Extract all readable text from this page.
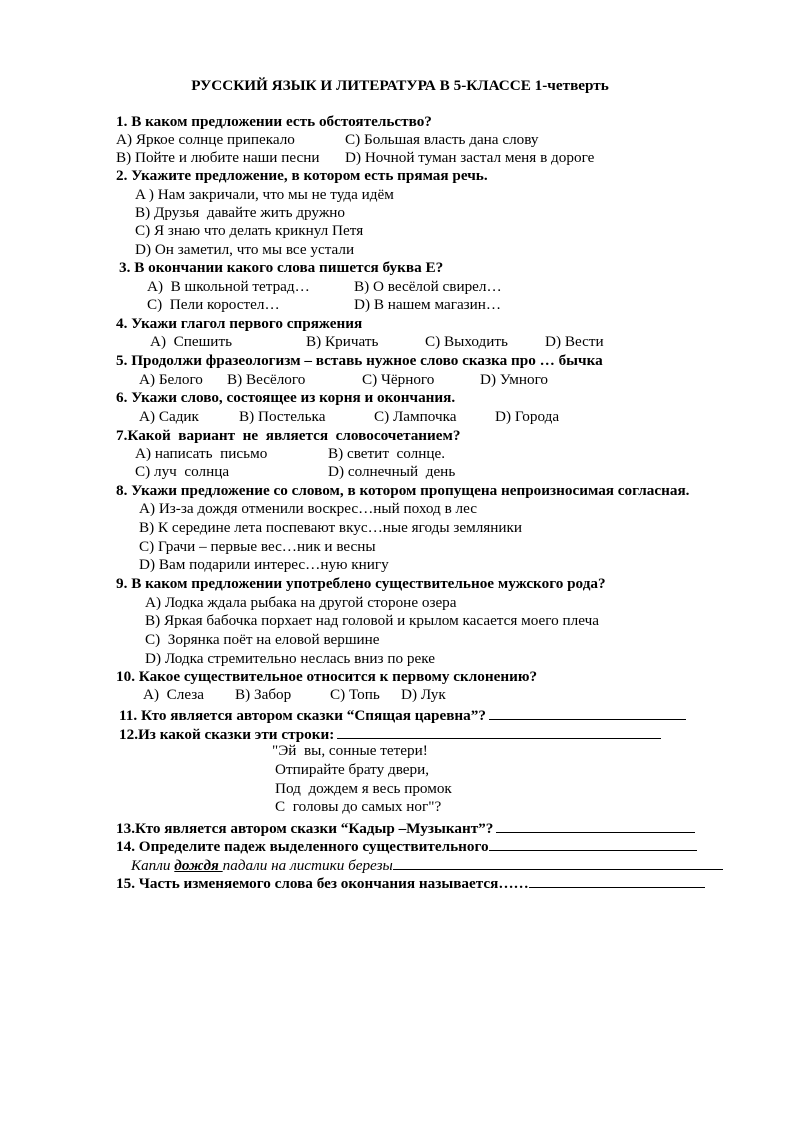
РУССКИЙ ЯЗЫК И ЛИТЕРАТУРА В 5-КЛАССЕ 1-четверть
1. В каком предложении есть обстоятельство?
A) Яркое солнце припекало	C) Большая власть дана слову
B) Пойте и любите наши песни D) Ночной туман застал меня в дороге
2. Укажите предложение, в котором есть прямая речь.
A ) Нам закричали, что мы не туда идём
B) Друзья  давайте жить дружно
C) Я знаю что делать крикнул Петя
D) Он заметил, что мы все устали
3. В окончании какого слова пишется буква Е?
A)  В школьной тетрад…	B) О весёлой свирел…
C)  Пели коростел…	D) В нашем магазин…
4. Укажи глагол первого спряжения
A)  Спешить	B) Кричать	C) Выходить D) Вести
5. Продолжи фразеологизм – вставь нужное слово сказка про … бычка
A) Белого B) Весёлого	C) Чёрного	D) Умного
6. Укажи слово, состоящее из корня и окончания.
A) Садик	B) Постелька	C) Лампочка	D) Города
7.Какой  вариант  не  является  словосочетанием?
A) написать  письмо	B) светит  солнце.
C) луч  солнца	D) солнечный  день
8. Укажи предложение со словом, в котором пропущена непроизносимая согласная.
A) Из-за дождя отменили воскрес…ный поход в лес
B) К середине лета поспевают вкус…ные ягоды земляники
C) Грачи – первые вес…ник и весны
D) Вам подарили интерес…ную книгу
9. В каком предложении употреблено существительное мужского рода?
A) Лодка ждала рыбака на другой стороне озера
B) Яркая бабочка порхает над головой и крылом касается моего плеча
C)  Зорянка поёт на еловой вершине
D) Лодка стремительно неслась вниз по реке
10. Какое существительное относится к первому склонению?
A)  Слеза B) Забор	C) Топь D) Лук
11. Кто является автором сказки “Спящая царевна”?
12.Из какой сказки эти строки:
"Эй  вы, сонные тетери!
Отпирайте брату двери,
Под  дождем я весь промок
С  головы до самых ног"?
13.Кто является автором сказки “Кадыр –Музыкант”?
14. Определите падеж выделенного существительного
Капли дождя падали на листики березы
15. Часть изменяемого слова без окончания называется……
